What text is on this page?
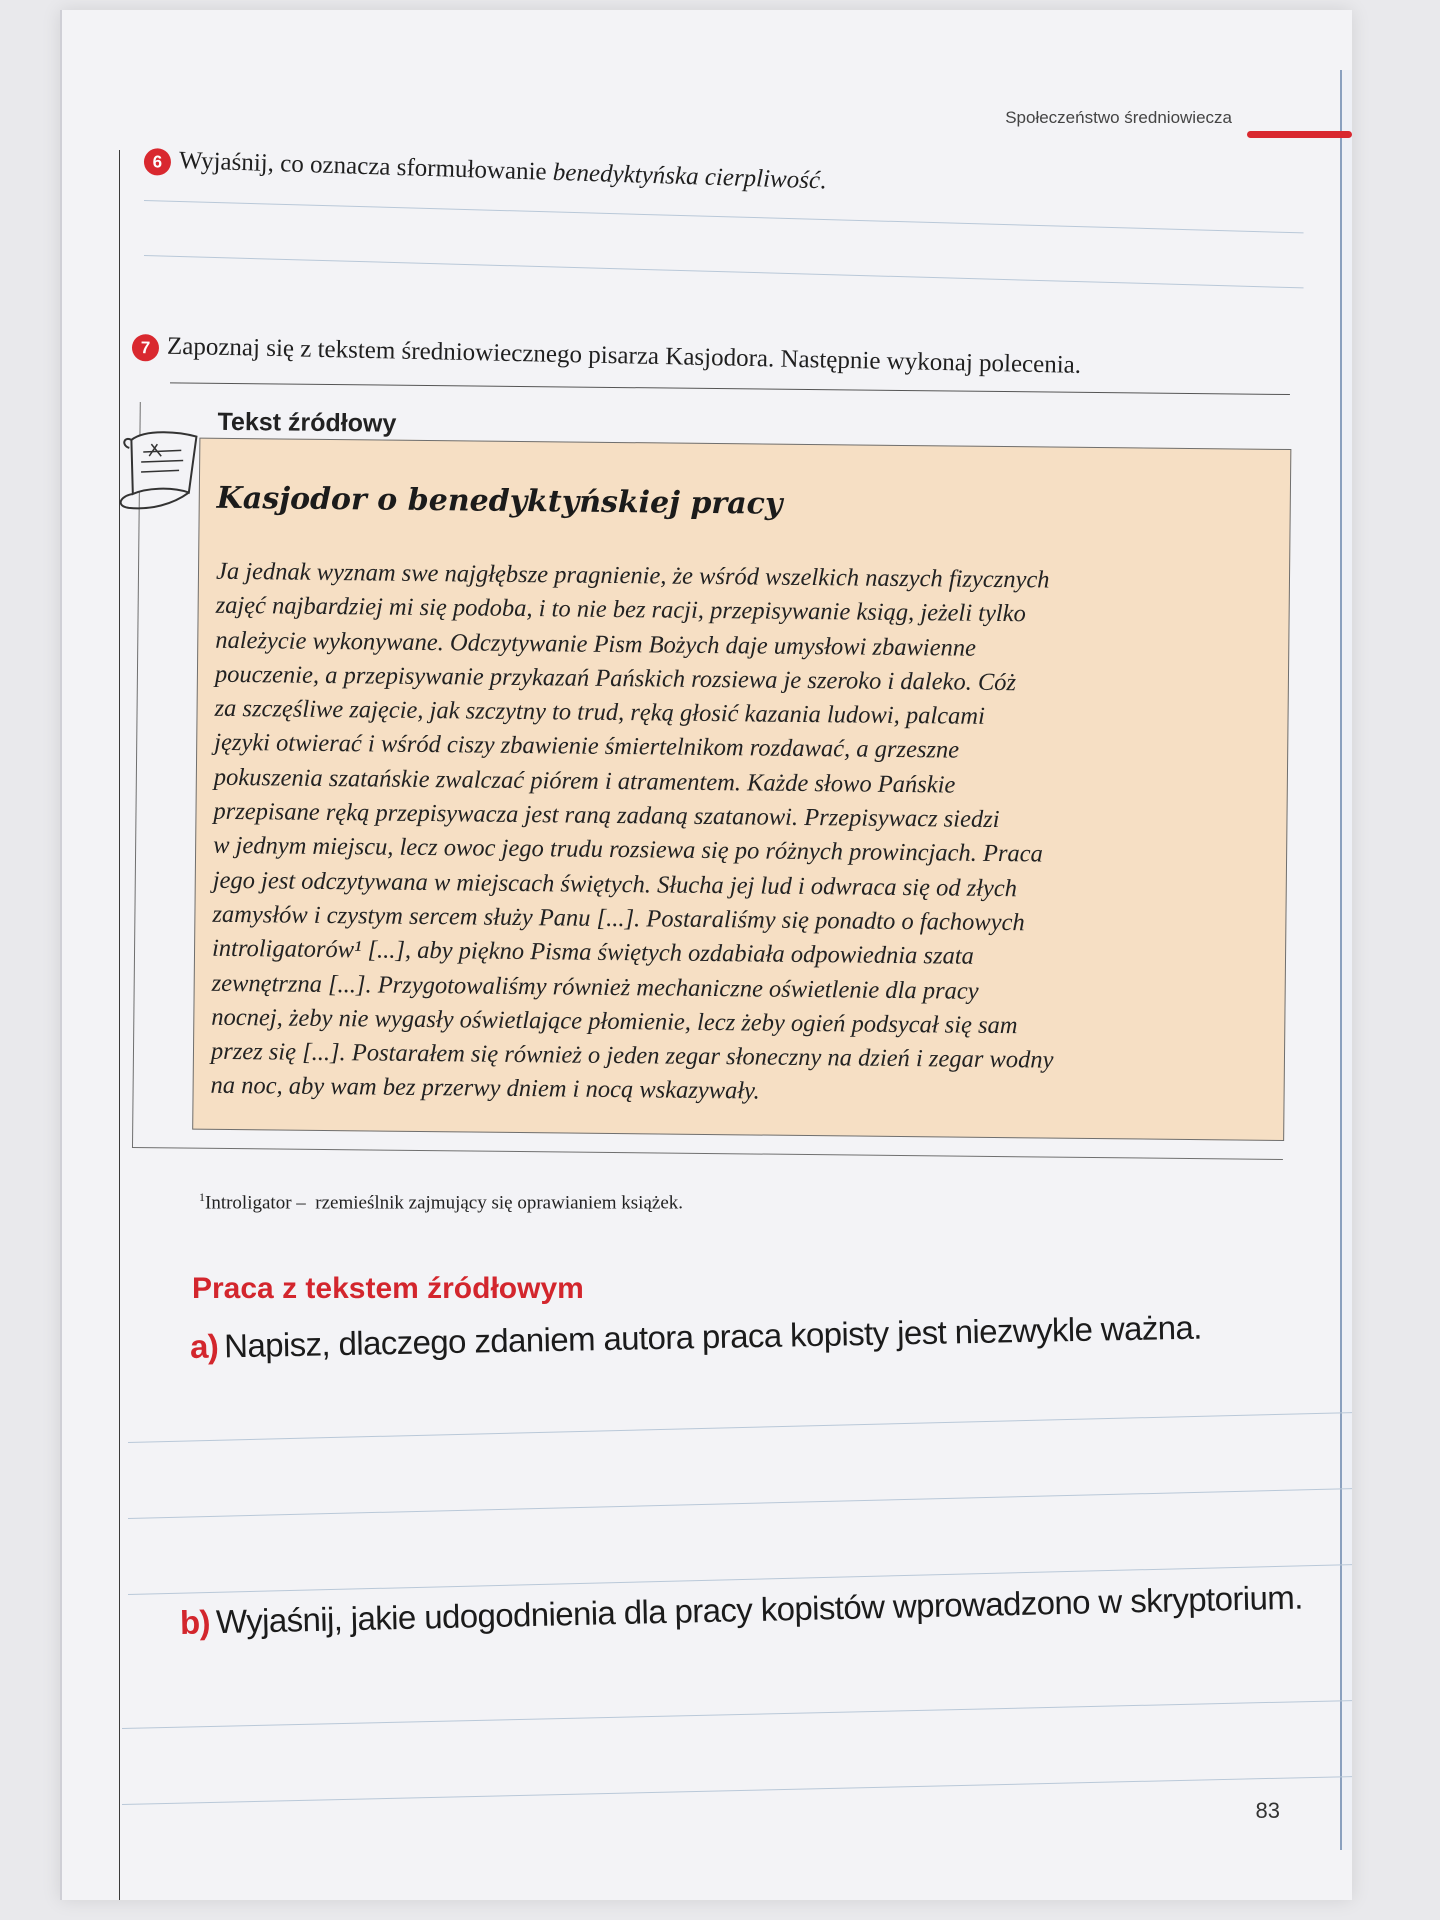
Społeczeństwo średniowiecza
6 Wyjaśnij, co oznacza sformułowanie benedyktyńska cierpliwość.
7 Zapoznaj się z tekstem średniowiecznego pisarza Kasjodora. Następnie wykonaj polecenia.
Tekst źródłowy
Kasjodor o benedyktyńskiej pracy
Ja jednak wyznam swe najgłębsze pragnienie, że wśród wszelkich naszych fizycznych
zajęć najbardziej mi się podoba, i to nie bez racji, przepisywanie ksiąg, jeżeli tylko
należycie wykonywane. Odczytywanie Pism Bożych daje umysłowi zbawienne
pouczenie, a przepisywanie przykazań Pańskich rozsiewa je szeroko i daleko. Cóż
za szczęśliwe zajęcie, jak szczytny to trud, ręką głosić kazania ludowi, palcami
języki otwierać i wśród ciszy zbawienie śmiertelnikom rozdawać, a grzeszne
pokuszenia szatańskie zwalczać piórem i atramentem. Każde słowo Pańskie
przepisane ręką przepisywacza jest raną zadaną szatanowi. Przepisywacz siedzi
w jednym miejscu, lecz owoc jego trudu rozsiewa się po różnych prowincjach. Praca
jego jest odczytywana w miejscach świętych. Słucha jej lud i odwraca się od złych
zamysłów i czystym sercem służy Panu [...]. Postaraliśmy się ponadto o fachowych
introligatorów¹ [...], aby piękno Pisma świętych ozdabiała odpowiednia szata
zewnętrzna [...]. Przygotowaliśmy również mechaniczne oświetlenie dla pracy
nocnej, żeby nie wygasły oświetlające płomienie, lecz żeby ogień podsycał się sam
przez się [...]. Postarałem się również o jeden zegar słoneczny na dzień i zegar wodny
na noc, aby wam bez przerwy dniem i nocą wskazywały.
$^1$Introligator – rzemieślnik zajmujący się oprawianiem książek.
Praca z tekstem źródłowym
a) Napisz, dlaczego zdaniem autora praca kopisty jest niezwykle ważna.
b) Wyjaśnij, jakie udogodnienia dla pracy kopistów wprowadzono w skryptorium.
83
